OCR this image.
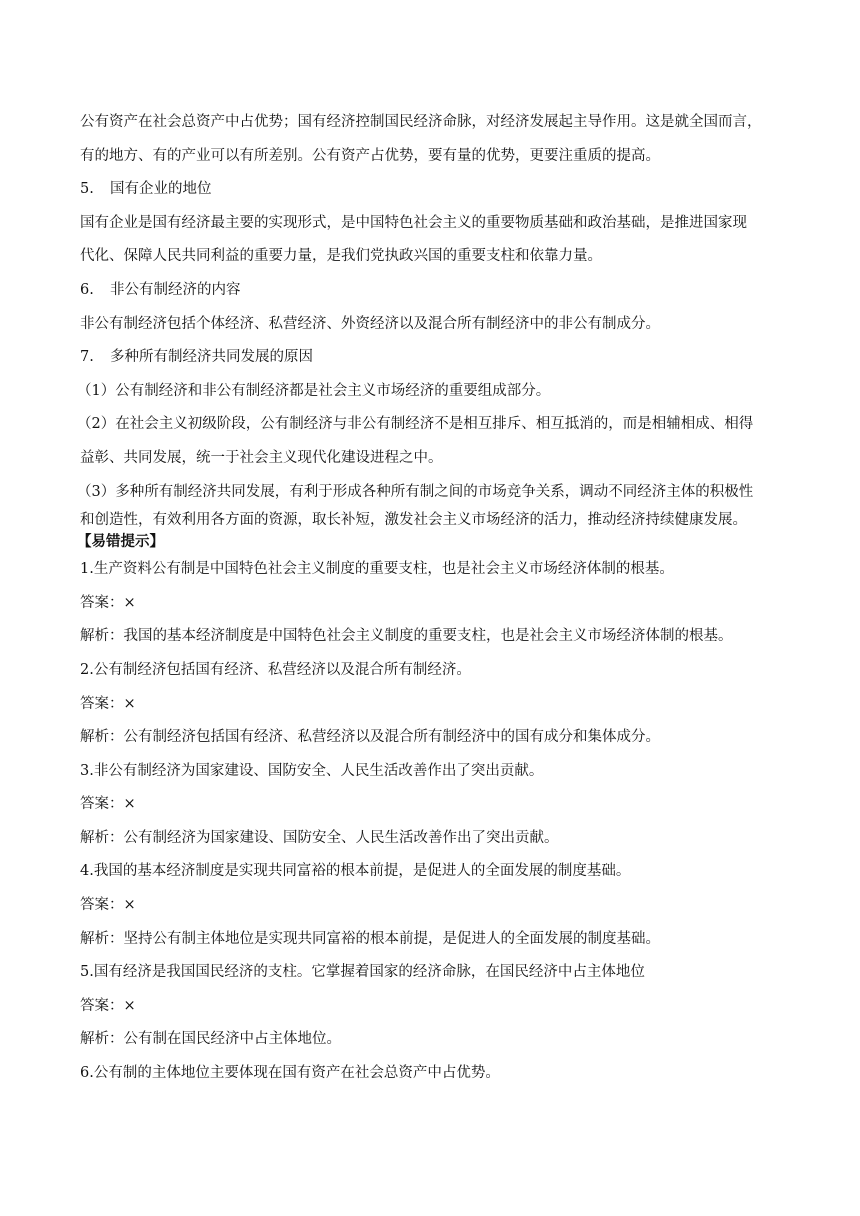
公有资产在社会总资产中占优势；国有经济控制国民经济命脉，对经济发展起主导作用。这是就全国而言，
有的地方、有的产业可以有所差别。公有资产占优势，要有量的优势，更要注重质的提高。
5. 国有企业的地位
国有企业是国有经济最主要的实现形式，是中国特色社会主义的重要物质基础和政治基础，是推进国家现
代化、保障人民共同利益的重要力量，是我们党执政兴国的重要支柱和依靠力量。
6. 非公有制经济的内容
非公有制经济包括个体经济、私营经济、外资经济以及混合所有制经济中的非公有制成分。
7. 多种所有制经济共同发展的原因
（1）公有制经济和非公有制经济都是社会主义市场经济的重要组成部分。
（2）在社会主义初级阶段，公有制经济与非公有制经济不是相互排斥、相互抵消的，而是相辅相成、相得
益彰、共同发展，统一于社会主义现代化建设进程之中。
（3）多种所有制经济共同发展，有利于形成各种所有制之间的市场竞争关系，调动不同经济主体的积极性
和创造性，有效利用各方面的资源，取长补短，激发社会主义市场经济的活力，推动经济持续健康发展。
【易错提示】
1.生产资料公有制是中国特色社会主义制度的重要支柱，也是社会主义市场经济体制的根基。
答案：×
解析：我国的基本经济制度是中国特色社会主义制度的重要支柱，也是社会主义市场经济体制的根基。
2.公有制经济包括国有经济、私营经济以及混合所有制经济。
答案：×
解析：公有制经济包括国有经济、私营经济以及混合所有制经济中的国有成分和集体成分。
3.非公有制经济为国家建设、国防安全、人民生活改善作出了突出贡献。
答案：×
解析：公有制经济为国家建设、国防安全、人民生活改善作出了突出贡献。
4.我国的基本经济制度是实现共同富裕的根本前提，是促进人的全面发展的制度基础。
答案：×
解析：坚持公有制主体地位是实现共同富裕的根本前提，是促进人的全面发展的制度基础。
5.国有经济是我国国民经济的支柱。它掌握着国家的经济命脉，在国民经济中占主体地位
答案：×
解析：公有制在国民经济中占主体地位。
6.公有制的主体地位主要体现在国有资产在社会总资产中占优势。
